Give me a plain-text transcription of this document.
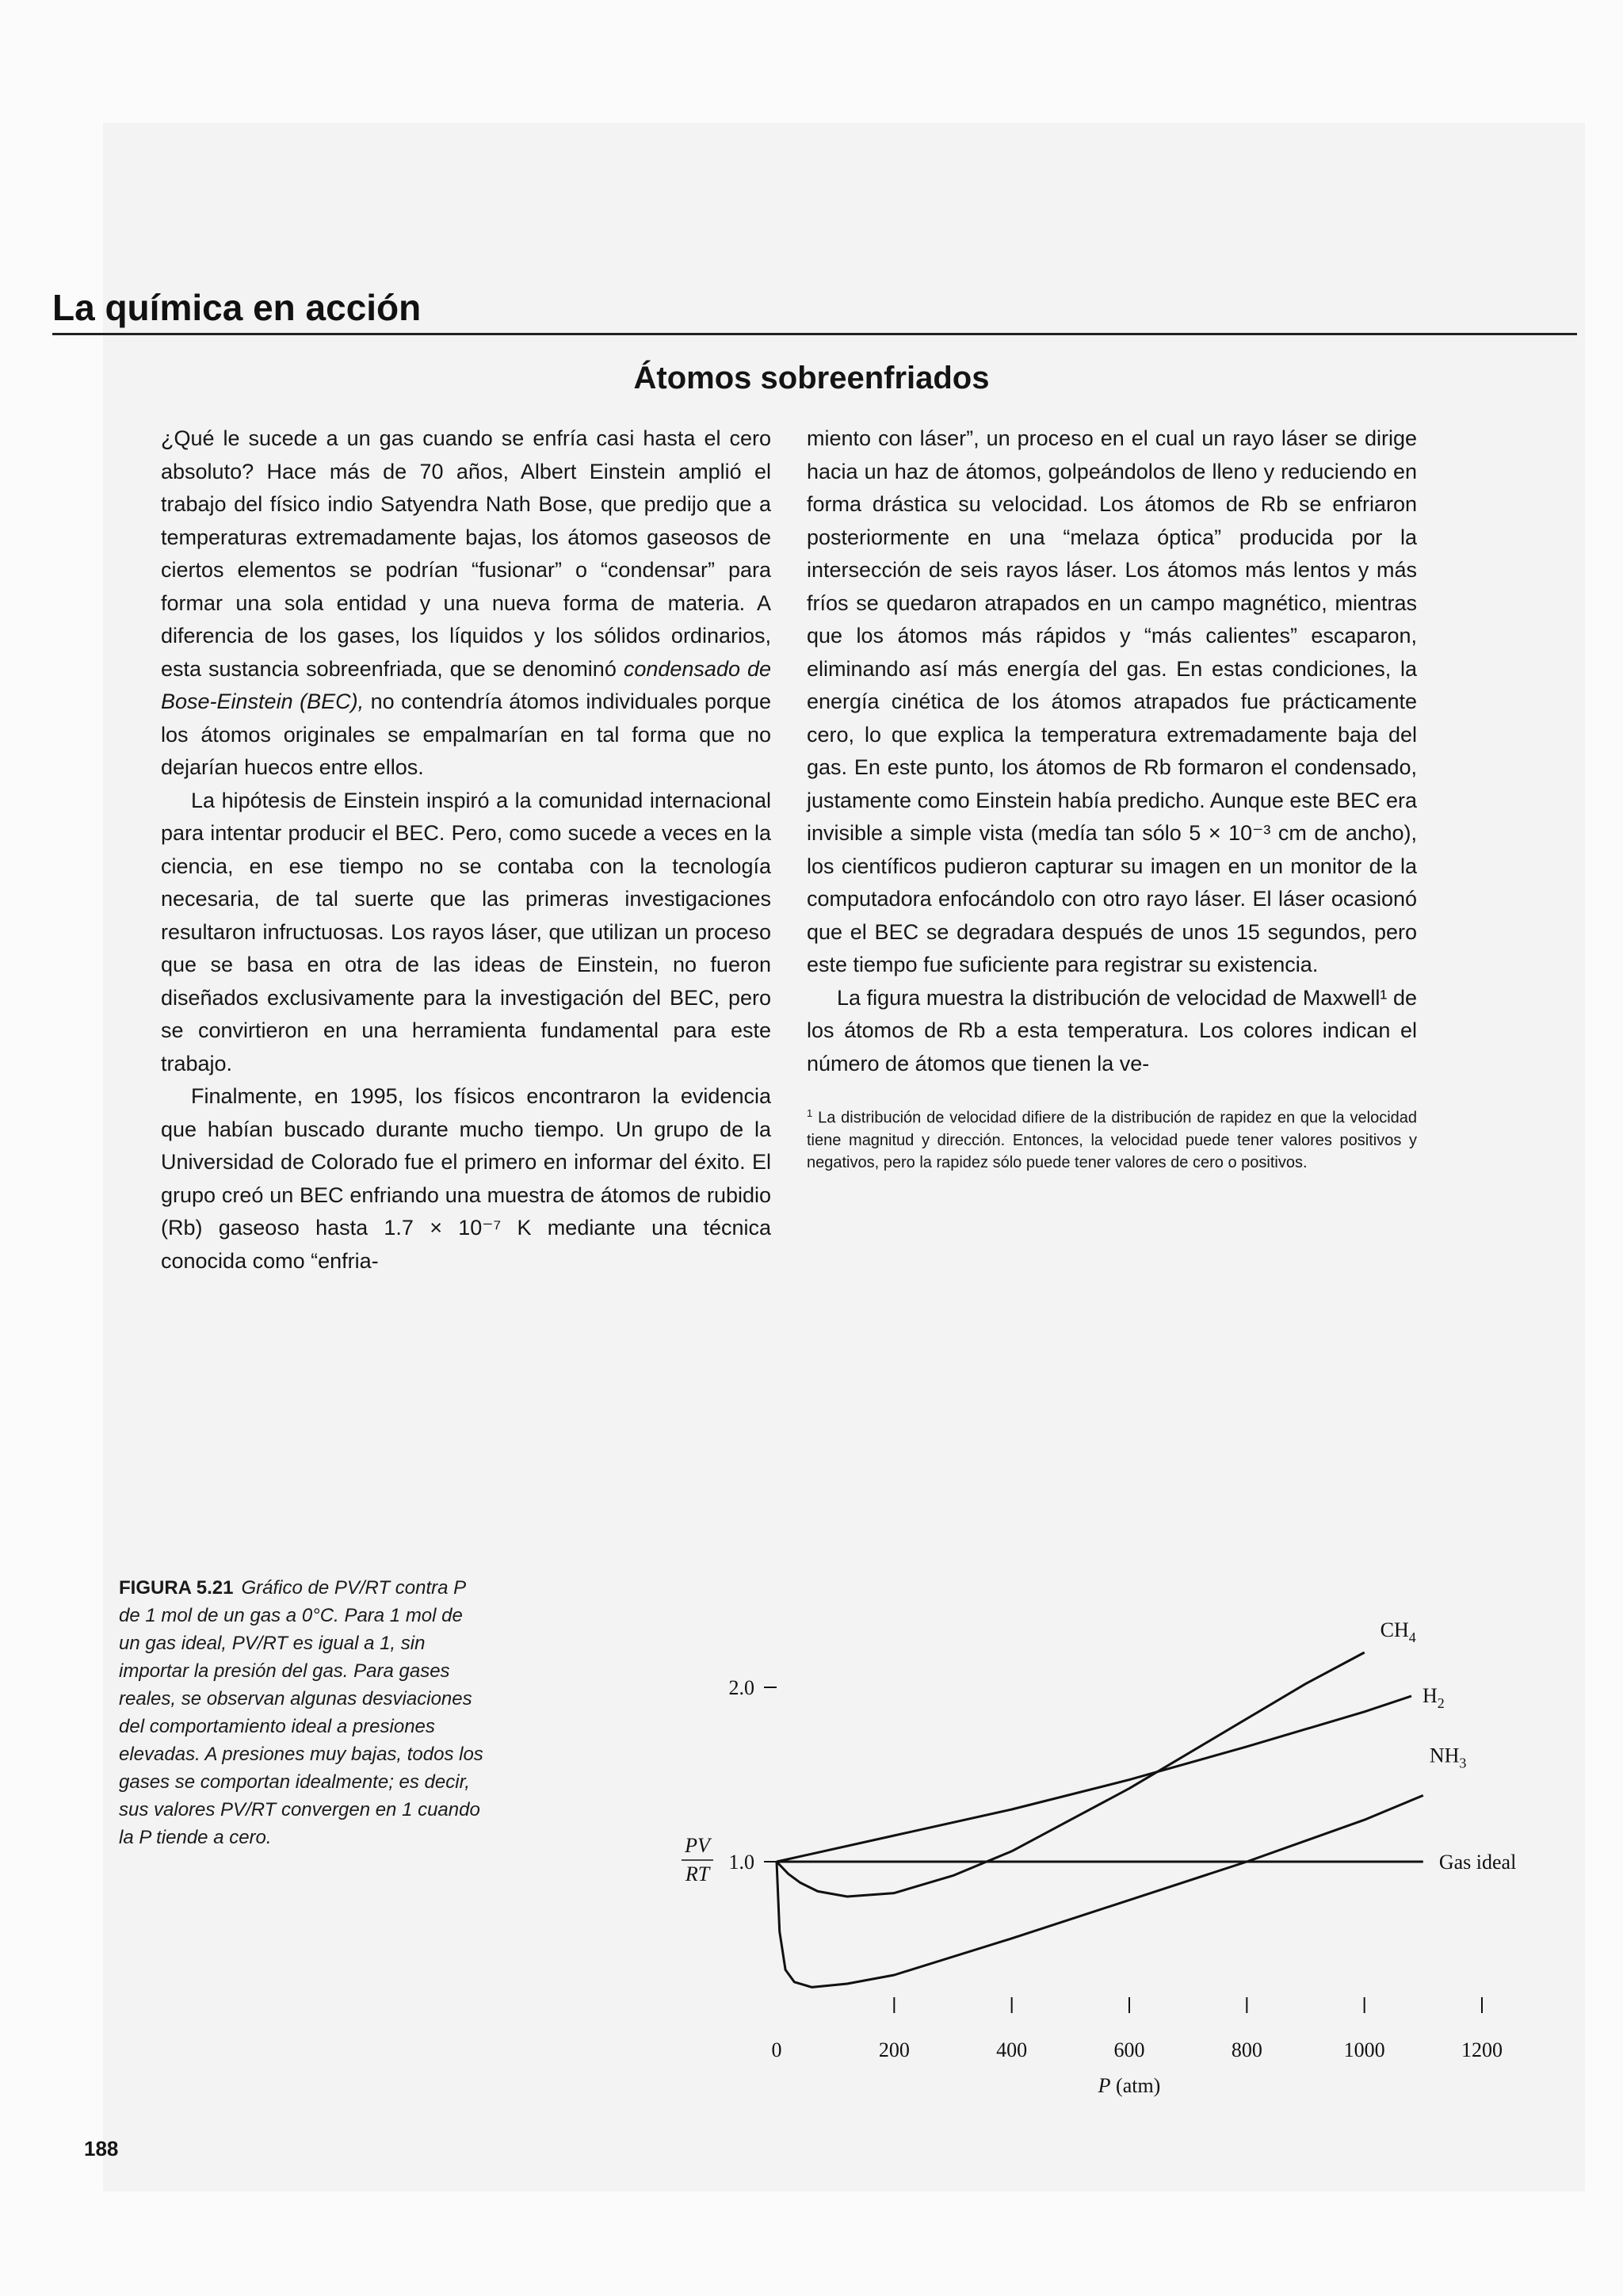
La química en acción
Átomos sobreenfriados

¿Qué le sucede a un gas cuando se enfría casi hasta el cero absoluto? Hace más de 70 años, Albert Einstein amplió el trabajo del físico indio Satyendra Nath Bose, que predijo que a temperaturas extremadamente bajas, los átomos gaseosos de ciertos elementos se podrían “fusionar” o “condensar” para formar una sola entidad y una nueva forma de materia. A diferencia de los gases, los líquidos y los sólidos ordinarios, esta sustancia sobreenfriada, que se denominó condensado de Bose-Einstein (BEC), no contendría átomos individuales porque los átomos originales se empalmarían en tal forma que no dejarían huecos entre ellos.

La hipótesis de Einstein inspiró a la comunidad internacional para intentar producir el BEC. Pero, como sucede a veces en la ciencia, en ese tiempo no se contaba con la tecnología necesaria, de tal suerte que las primeras investigaciones resultaron infructuosas. Los rayos láser, que utilizan un proceso que se basa en otra de las ideas de Einstein, no fueron diseñados exclusivamente para la investigación del BEC, pero se convirtieron en una herramienta fundamental para este trabajo.

Finalmente, en 1995, los físicos encontraron la evidencia que habían buscado durante mucho tiempo. Un grupo de la Universidad de Colorado fue el primero en informar del éxito. El grupo creó un BEC enfriando una muestra de átomos de rubidio (Rb) gaseoso hasta 1.7 × 10⁻⁷ K mediante una técnica conocida como “enfria-

miento con láser”, un proceso en el cual un rayo láser se dirige hacia un haz de átomos, golpeándolos de lleno y reduciendo en forma drástica su velocidad. Los átomos de Rb se enfriaron posteriormente en una “melaza óptica” producida por la intersección de seis rayos láser. Los átomos más lentos y más fríos se quedaron atrapados en un campo magnético, mientras que los átomos más rápidos y “más calientes” escaparon, eliminando así más energía del gas. En estas condiciones, la energía cinética de los átomos atrapados fue prácticamente cero, lo que explica la temperatura extremadamente baja del gas. En este punto, los átomos de Rb formaron el condensado, justamente como Einstein había predicho. Aunque este BEC era invisible a simple vista (medía tan sólo 5 × 10⁻³ cm de ancho), los científicos pudieron capturar su imagen en un monitor de la computadora enfocándolo con otro rayo láser. El láser ocasionó que el BEC se degradara después de unos 15 segundos, pero este tiempo fue suficiente para registrar su existencia.

La figura muestra la distribución de velocidad de Maxwell¹ de los átomos de Rb a esta temperatura. Los colores indican el número de átomos que tienen la ve-

$^1$ La distribución de velocidad difiere de la distribución de rapidez en que la velocidad tiene magnitud y dirección. Entonces, la velocidad puede tener valores positivos y negativos, pero la rapidez sólo puede tener valores de cero o positivos.

FIGURA 5.21 Gráfico de PV/RT contra P de 1 mol de un gas a 0°C. Para 1 mol de un gas ideal, PV/RT es igual a 1, sin importar la presión del gas. Para gases reales, se observan algunas desviaciones del comportamiento ideal a presiones elevadas. A presiones muy bajas, todos los gases se comportan idealmente; es decir, sus valores PV/RT convergen en 1 cuando la P tiende a cero.
1.0
2.0
PV
RT
0	200	400	600	800	1000	1200
P (atm)
$CH_4$
$H_2$
$NH_3$
Gas ideal
188
